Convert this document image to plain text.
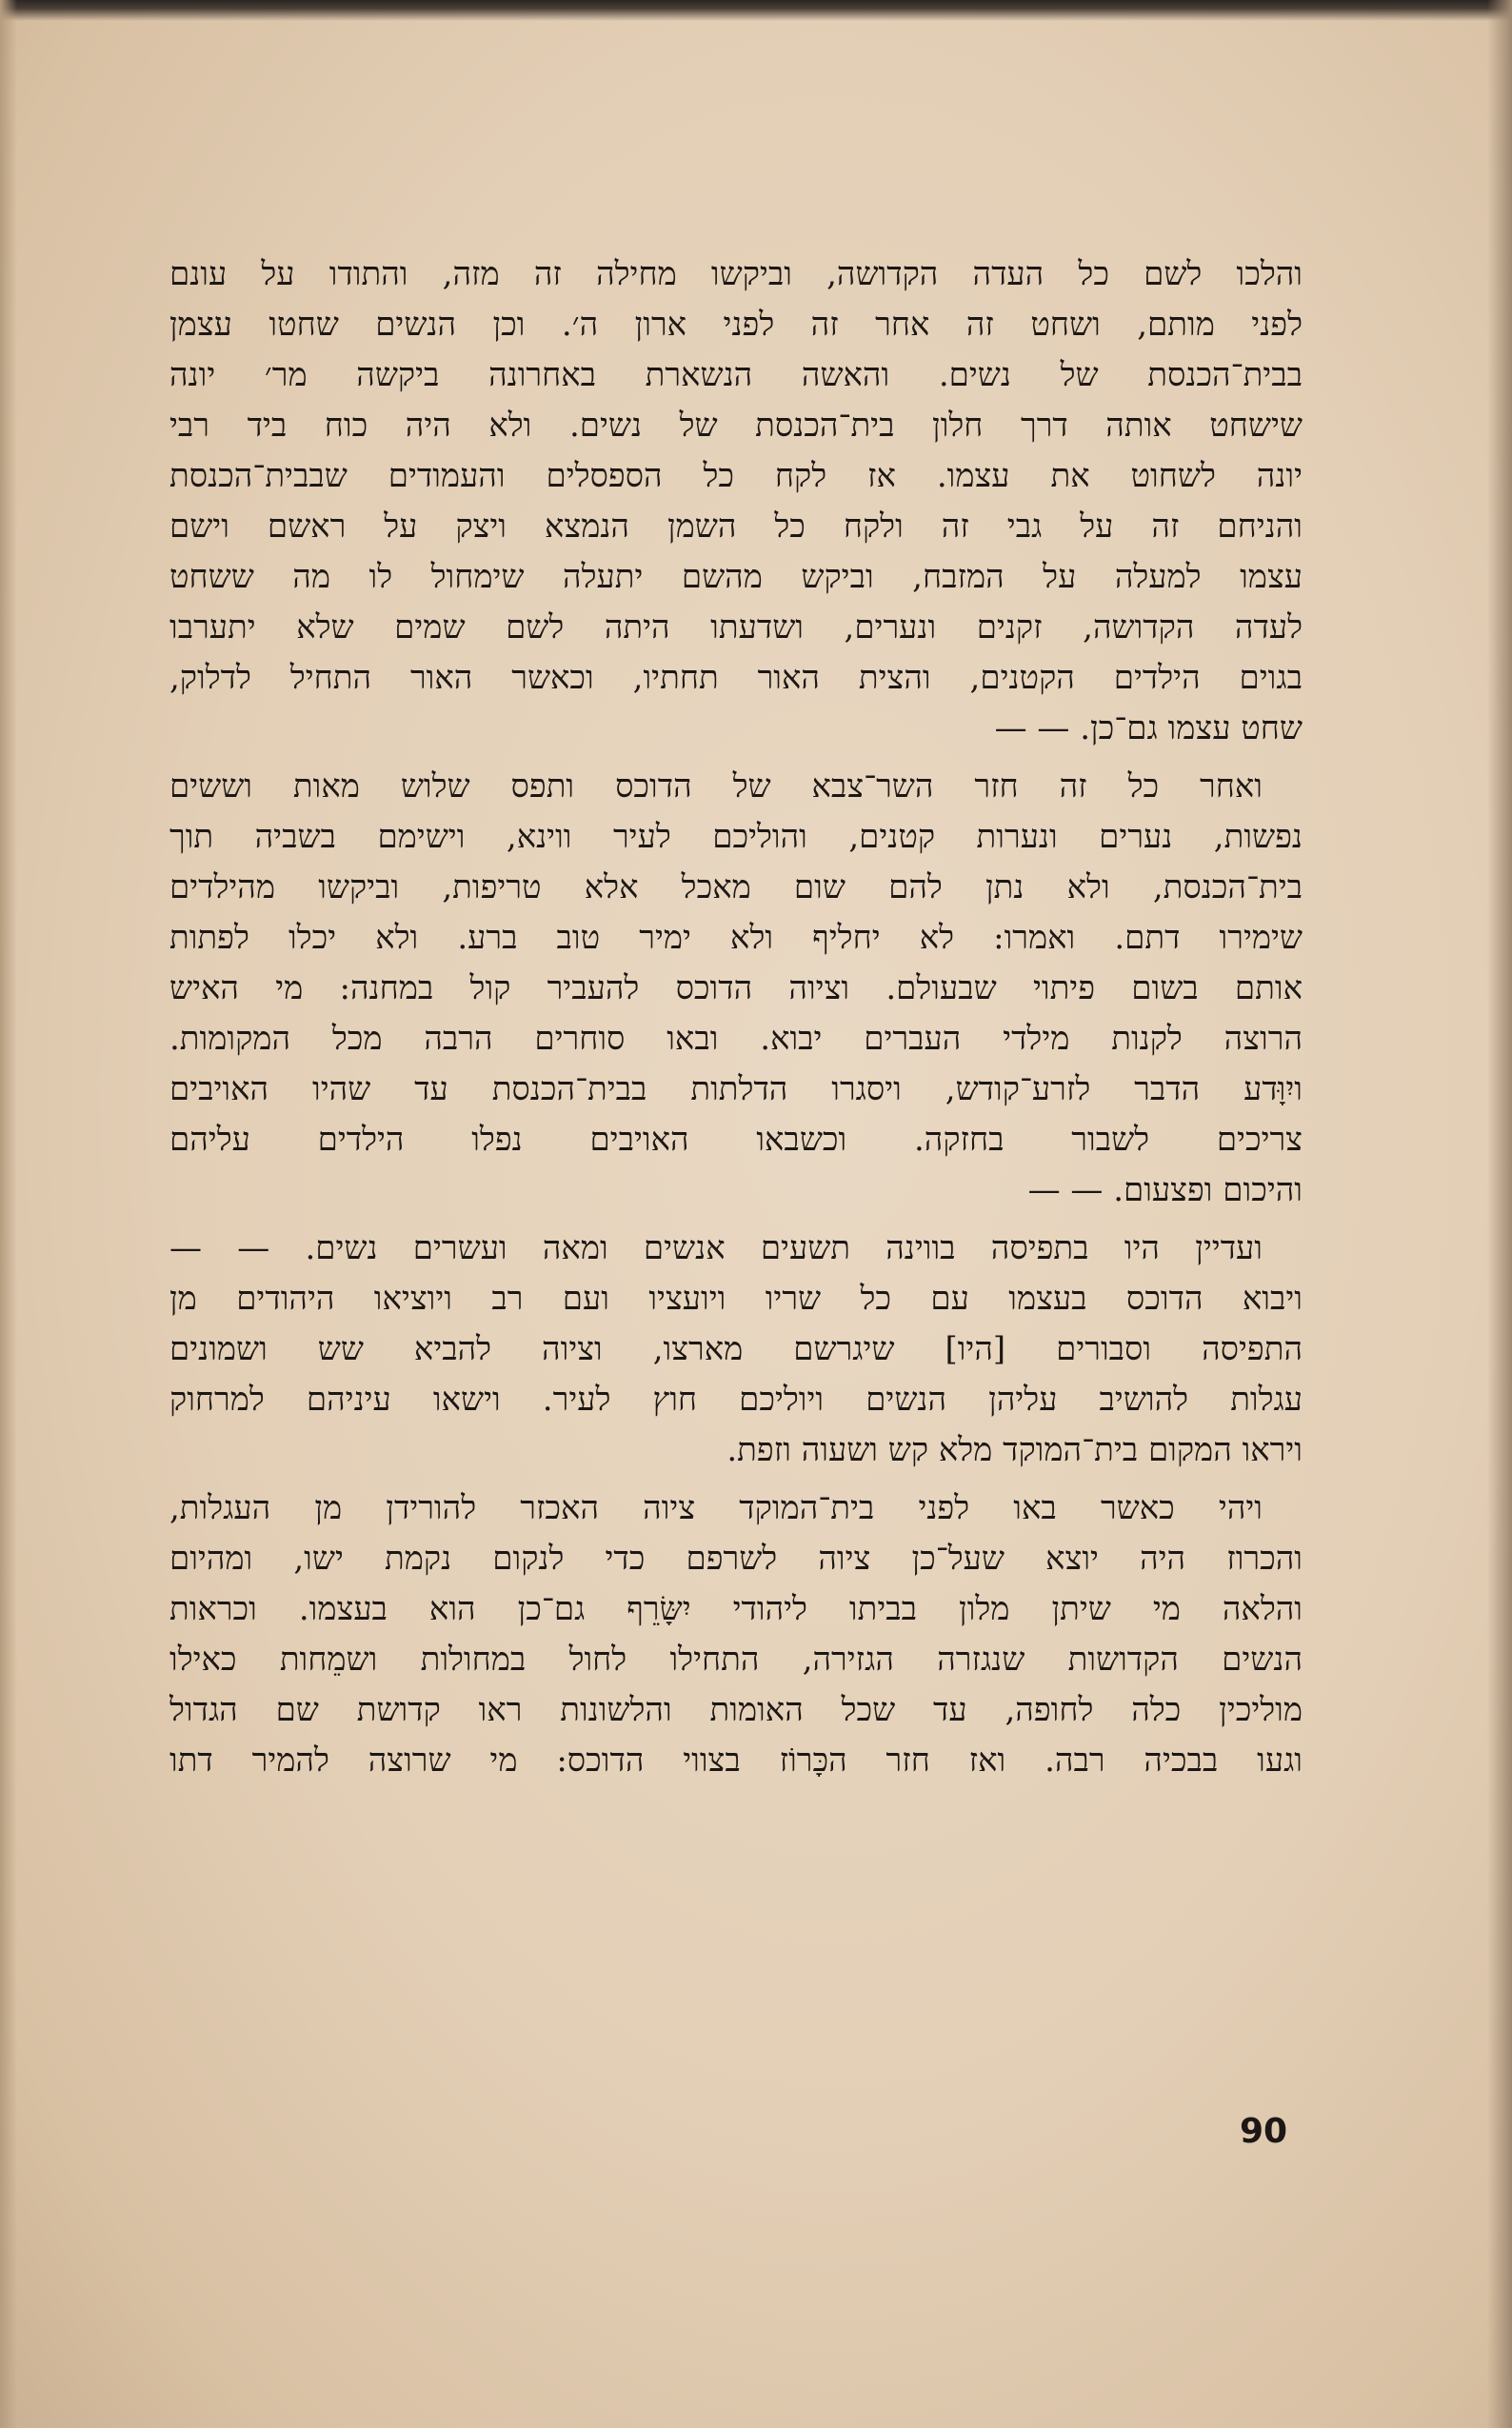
והלכו לשם כל העדה הקדושה, וביקשו מחילה זה מזה, והתודו על עונם
לפני מותם, ושחט זה אחר זה לפני ארון ה׳. וכן הנשים שחטו עצמן
בבית־הכנסת של נשים. והאשה הנשארת באחרונה ביקשה מר׳ יונה
שישחט אותה דרך חלון בית־הכנסת של נשים. ולא היה כוח ביד רבי
יונה לשחוט את עצמו. אז לקח כל הספסלים והעמודים שבבית־הכנסת
והניחם זה על גבי זה ולקח כל השמן הנמצא ויצק על ראשם וישם
עצמו למעלה על המזבח, וביקש מהשם יתעלה שימחול לו מה ששחט
לעדה הקדושה, זקנים ונערים, ושדעתו היתה לשם שמים שלא יתערבו
בגוים הילדים הקטנים, והצית האור תחתיו, וכאשר האור התחיל לדלוק,
שחט עצמו גם־כן. — —

ואחר כל זה חזר השר־צבא של הדוכס ותפס שלוש מאות וששים
נפשות, נערים ונערות קטנים, והוליכם לעיר ווינא, וישימם בשביה תוך
בית־הכנסת, ולא נתן להם שום מאכל אלא טריפות, וביקשו מהילדים
שימירו דתם. ואמרו: לא יחליף ולא ימיר טוב ברע. ולא יכלו לפתות
אותם בשום פיתוי שבעולם. וציוה הדוכס להעביר קול במחנה: מי האיש
הרוצה לקנות מילדי העברים יבוא. ובאו סוחרים הרבה מכל המקומות.
ויִוָּדע הדבר לזרע־קודש, ויסגרו הדלתות בבית־הכנסת עד שהיו האויבים
צריכים לשבור בחזקה. וכשבאו האויבים נפלו הילדים עליהם
והיכום ופצעום. — —

ועדיין היו בתפיסה בווינה תשעים אנשים ומאה ועשרים נשים. — —
ויבוא הדוכס בעצמו עם כל שריו ויועציו ועם רב ויוציאו היהודים מן
התפיסה וסבורים [היו] שיגרשם מארצו, וציוה להביא שש ושמונים
עגלות להושיב עליהן הנשים ויוליכם חוץ לעיר. וישאו עיניהם למרחוק
ויראו המקום בית־המוקד מלא קש ושעוה וזפת.

ויהי כאשר באו לפני בית־המוקד ציוה האכזר להורידן מן העגלות,
והכרוז היה יוצא שעל־כן ציוה לשרפם כדי לנקום נקמת ישו, ומהיום
והלאה מי שיתן מלון בביתו ליהודי יִשָּׂרֵף גם־כן הוא בעצמו. וכראות
הנשים הקדושות שנגזרה הגזירה, התחילו לחול במחולות ושמֵחות כאילו
מוליכין כלה לחופה, עד שכל האומות והלשונות ראו קדושת שם הגדול
וגעו בבכיה רבה. ואז חזר הכָּרוֹז בצווי הדוכס: מי שרוצה להמיר דתו

90
